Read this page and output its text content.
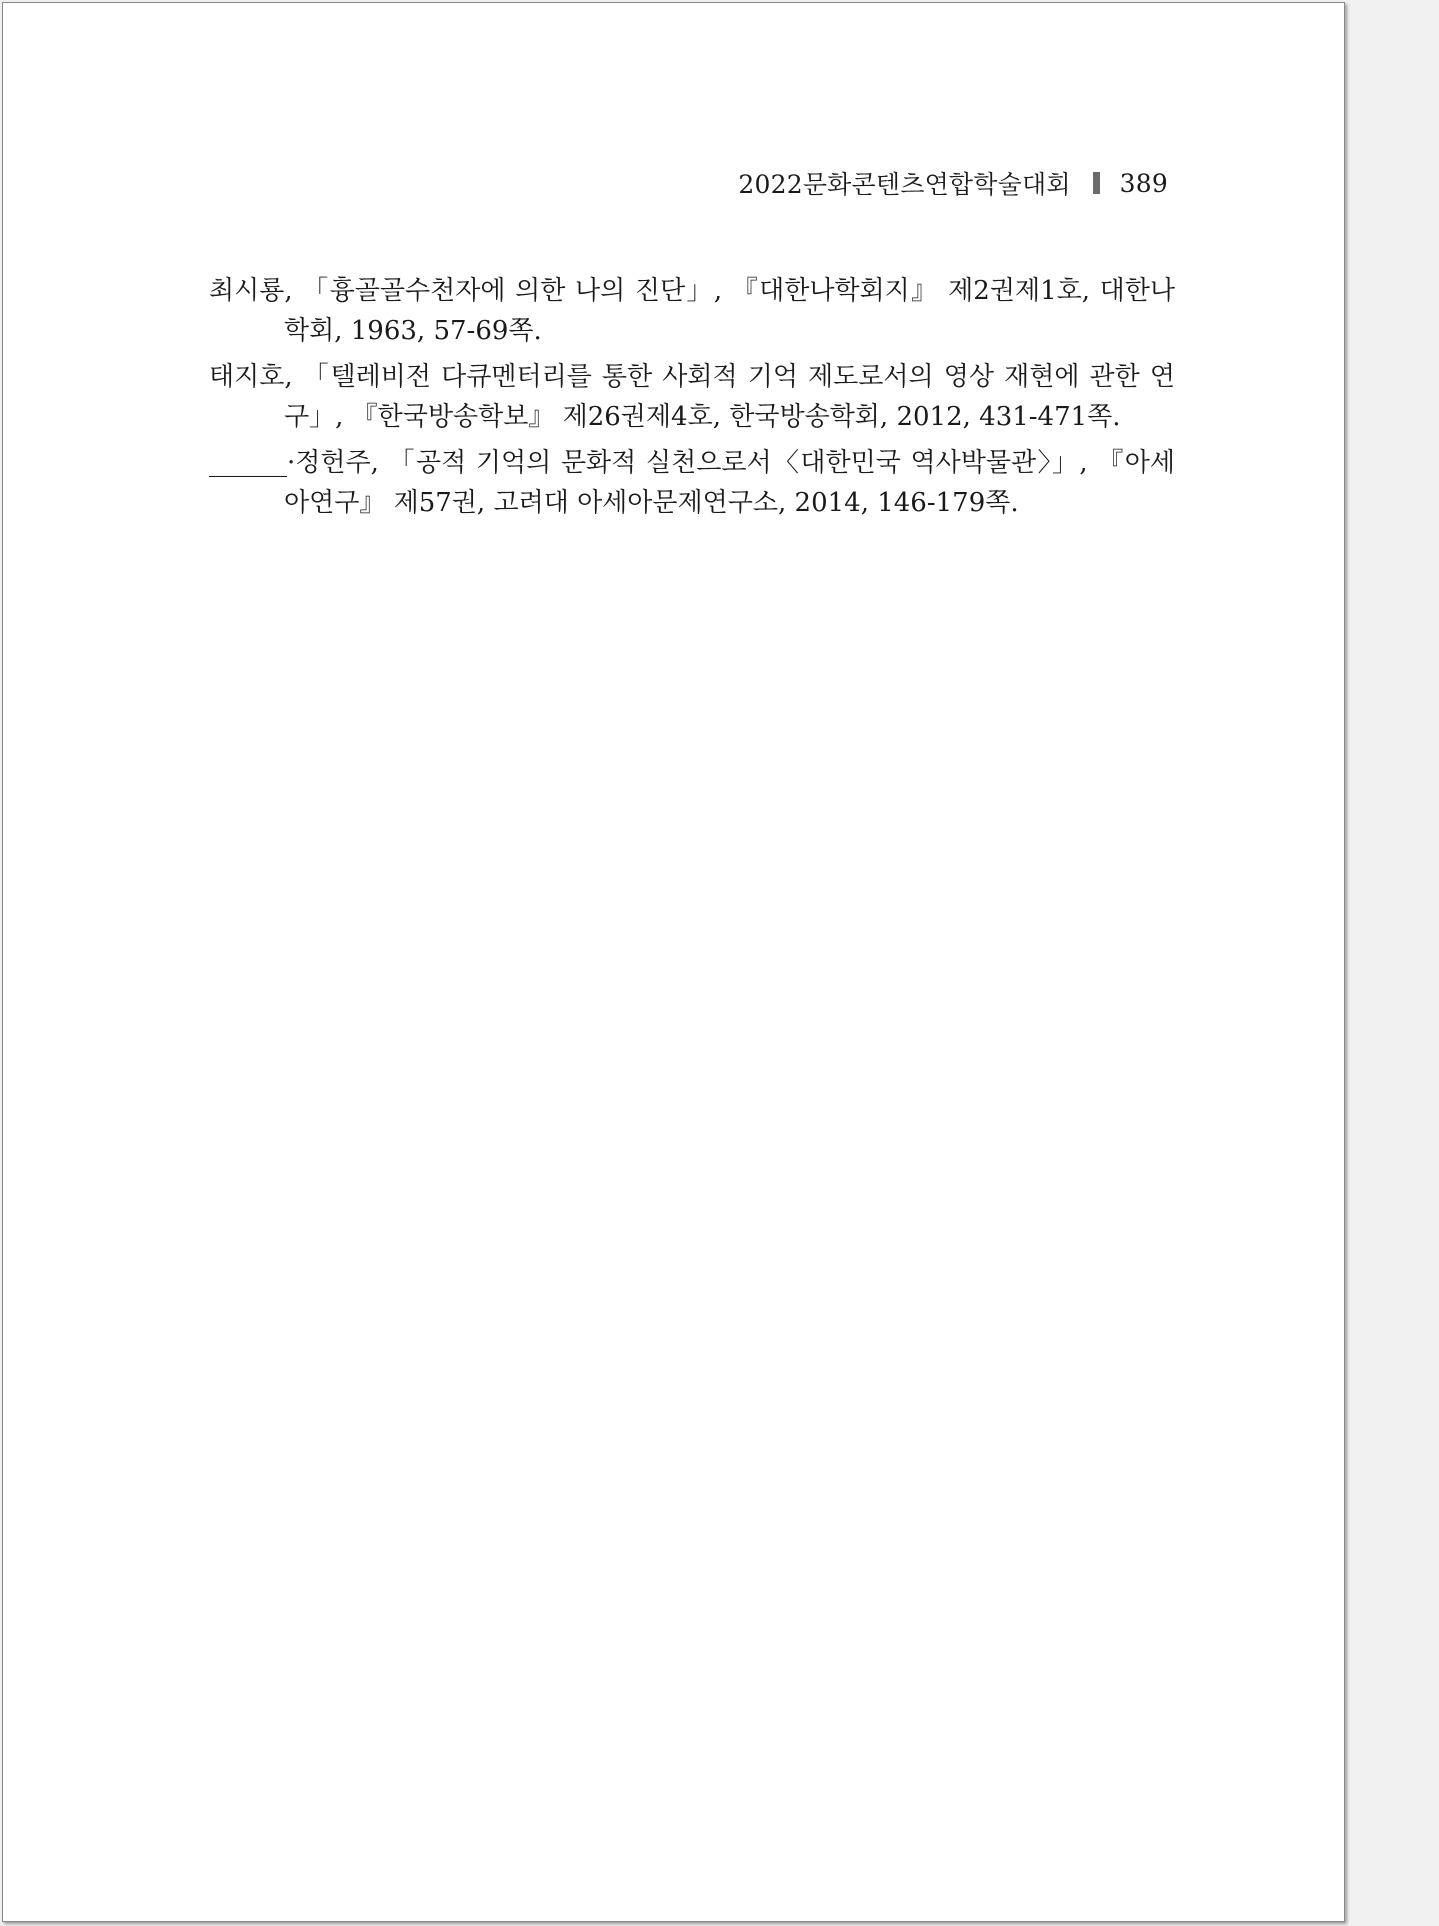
2022문화콘텐츠연합학술대회 389

최시룡, 「흉골골수천자에 의한 나의 진단」, 『대한나학회지』 제2권제1호, 대한나학회, 1963, 57-69쪽.

태지호, 「텔레비전 다큐멘터리를 통한 사회적 기억 제도로서의 영상 재현에 관한 연구」, 『한국방송학보』 제26권제4호, 한국방송학회, 2012, 431-471쪽.

______·정헌주, 「공적 기억의 문화적 실천으로서〈대한민국 역사박물관〉」, 『아세아연구』 제57권, 고려대 아세아문제연구소, 2014, 146-179쪽.
